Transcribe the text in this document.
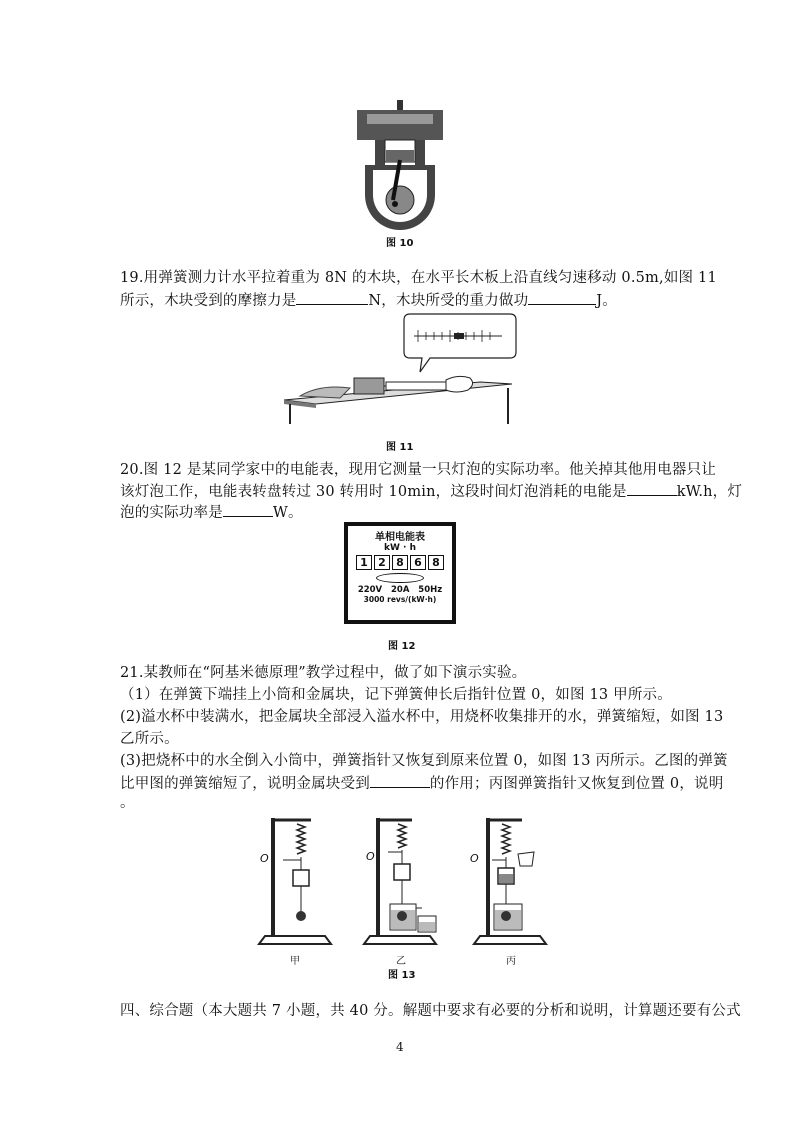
图 10
19.用弹簧测力计水平拉着重为 8N 的木块，在水平长木板上沿直线匀速移动 0.5m,如图 11
所示，木块受到的摩擦力是	N，木块所受的重力做功	J。
图 11
20.图 12 是某同学家中的电能表，现用它测量一只灯泡的实际功率。他关掉其他用电器只让
该灯泡工作，电能表转盘转过 30 转用时 10min，这段时间灯泡消耗的电能是	kW.h，灯
泡的实际功率是	W。
单相电能表
kW · h
1 2 8 6 8
220V   20A   50Hz
3000 revs/(kW·h)
图 12
21.某教师在“阿基米德原理”教学过程中，做了如下演示实验。
（1）在弹簧下端挂上小筒和金属块，记下弹簧伸长后指针位置 0，如图 13 甲所示。
(2)溢水杯中装满水，把金属块全部浸入溢水杯中，用烧杯收集排开的水，弹簧缩短，如图 13
乙所示。
(3)把烧杯中的水全倒入小筒中，弹簧指针又恢复到原来位置 0，如图 13 丙所示。乙图的弹簧
比甲图的弹簧缩短了，说明金属块受到	的作用；丙图弹簧指针又恢复到位置 0，说明
。
O	O	O
甲	乙
图 13
丙
四、综合题（本大题共 7 小题，共 40 分。解题中要求有必要的分析和说明，计算题还要有公式
4
